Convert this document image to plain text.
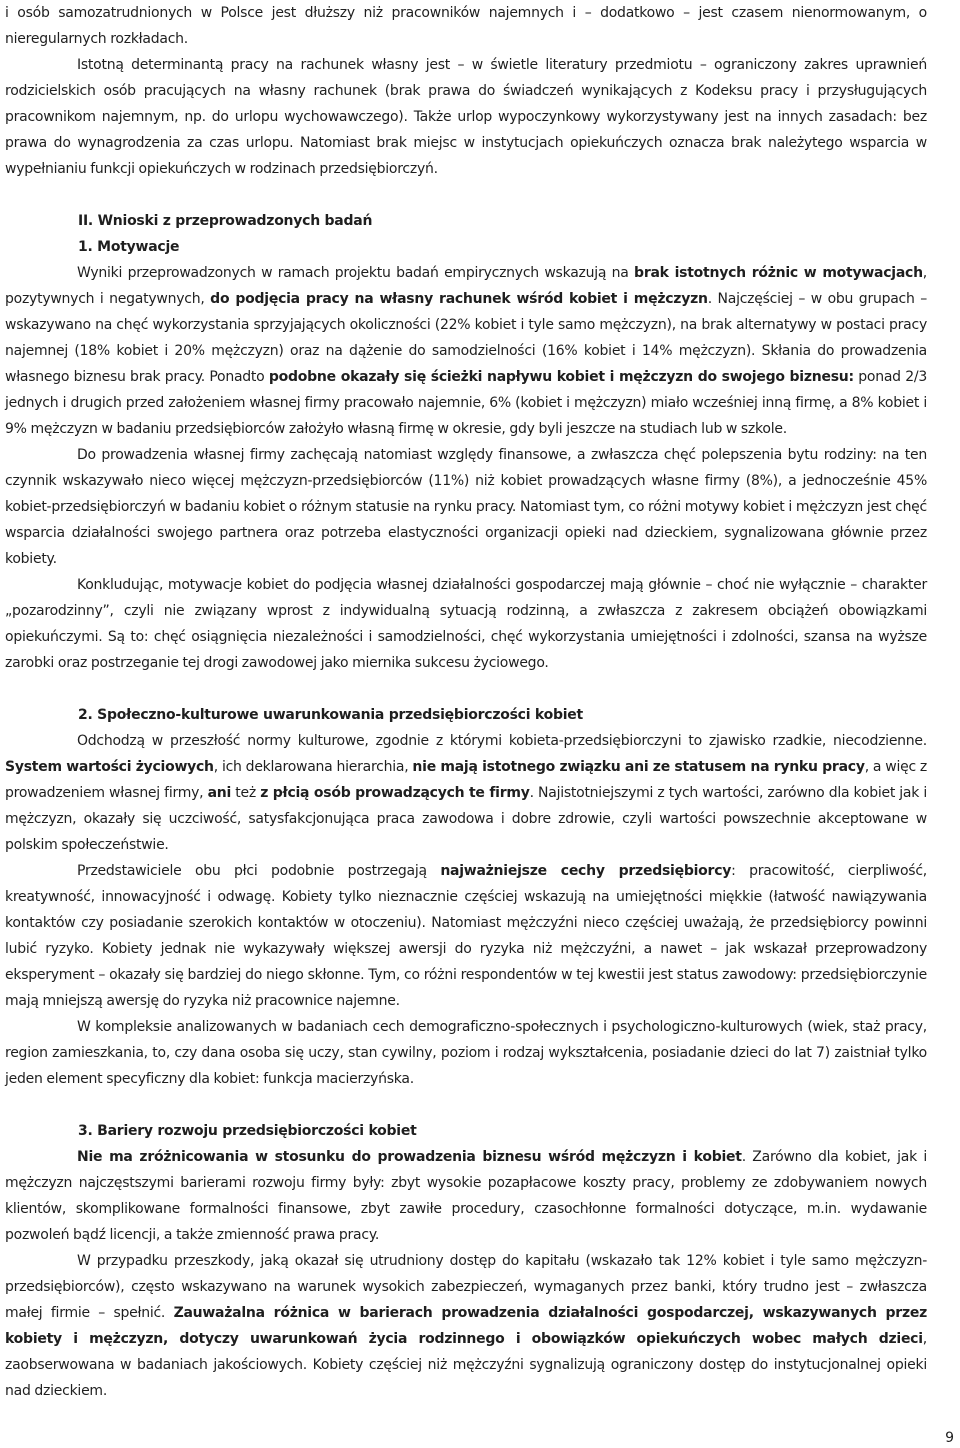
i osób samozatrudnionych w Polsce jest dłuższy niż pracowników najemnych i – dodatkowo – jest czasem nienormowanym, o nieregularnych rozkładach.

Istotną determinantą pracy na rachunek własny jest – w świetle literatury przedmiotu – ograniczony zakres uprawnień rodzicielskich osób pracujących na własny rachunek (brak prawa do świadczeń wynikających z Kodeksu pracy i przysługujących pracownikom najemnym, np. do urlopu wychowawczego). Także urlop wypoczynkowy wykorzystywany jest na innych zasadach: bez prawa do wynagrodzenia za czas urlopu. Natomiast brak miejsc w instytucjach opiekuńczych oznacza brak należytego wsparcia w wypełnianiu funkcji opiekuńczych w rodzinach przedsiębiorczyń.

II. Wnioski z przeprowadzonych badań

1. Motywacje

Wyniki przeprowadzonych w ramach projektu badań empirycznych wskazują na brak istotnych różnic w motywacjach, pozytywnych i negatywnych, do podjęcia pracy na własny rachunek wśród kobiet i mężczyzn. Najczęściej – w obu grupach – wskazywano na chęć wykorzystania sprzyjających okoliczności (22% kobiet i tyle samo mężczyzn), na brak alternatywy w postaci pracy najemnej (18% kobiet i 20% mężczyzn) oraz na dążenie do samodzielności (16% kobiet i 14% mężczyzn). Skłania do prowadzenia własnego biznesu brak pracy. Ponadto podobne okazały się ścieżki napływu kobiet i mężczyzn do swojego biznesu: ponad 2/3 jednych i drugich przed założeniem własnej firmy pracowało najemnie, 6% (kobiet i mężczyzn) miało wcześniej inną firmę, a 8% kobiet i 9% mężczyzn w badaniu przedsiębiorców założyło własną firmę w okresie, gdy byli jeszcze na studiach lub w szkole.

Do prowadzenia własnej firmy zachęcają natomiast względy finansowe, a zwłaszcza chęć polepszenia bytu rodziny: na ten czynnik wskazywało nieco więcej mężczyzn-przedsiębiorców (11%) niż kobiet prowadzących własne firmy (8%), a jednocześnie 45% kobiet-przedsiębiorczyń w badaniu kobiet o różnym statusie na rynku pracy. Natomiast tym, co różni motywy kobiet i mężczyzn jest chęć wsparcia działalności swojego partnera oraz potrzeba elastyczności organizacji opieki nad dzieckiem, sygnalizowana głównie przez kobiety.

Konkludując, motywacje kobiet do podjęcia własnej działalności gospodarczej mają głównie – choć nie wyłącznie – charakter „pozarodzinny”, czyli nie związany wprost z indywidualną sytuacją rodzinną, a zwłaszcza z zakresem obciążeń obowiązkami opiekuńczymi. Są to: chęć osiągnięcia niezależności i samodzielności, chęć wykorzystania umiejętności i zdolności, szansa na wyższe zarobki oraz postrzeganie tej drogi zawodowej jako miernika sukcesu życiowego.

2. Społeczno-kulturowe uwarunkowania przedsiębiorczości kobiet

Odchodzą w przeszłość normy kulturowe, zgodnie z którymi kobieta-przedsiębiorczyni to zjawisko rzadkie, niecodzienne. System wartości życiowych, ich deklarowana hierarchia, nie mają istotnego związku ani ze statusem na rynku pracy, a więc z prowadzeniem własnej firmy, ani też z płcią osób prowadzących te firmy. Najistotniejszymi z tych wartości, zarówno dla kobiet jak i mężczyzn, okazały się uczciwość, satysfakcjonująca praca zawodowa i dobre zdrowie, czyli wartości powszechnie akceptowane w polskim społeczeństwie.

Przedstawiciele obu płci podobnie postrzegają najważniejsze cechy przedsiębiorcy: pracowitość, cierpliwość, kreatywność, innowacyjność i odwagę. Kobiety tylko nieznacznie częściej wskazują na umiejętności miękkie (łatwość nawiązywania kontaktów czy posiadanie szerokich kontaktów w otoczeniu). Natomiast mężczyźni nieco częściej uważają, że przedsiębiorcy powinni lubić ryzyko. Kobiety jednak nie wykazywały większej awersji do ryzyka niż mężczyźni, a nawet – jak wskazał przeprowadzony eksperyment – okazały się bardziej do niego skłonne. Tym, co różni respondentów w tej kwestii jest status zawodowy: przedsiębiorczynie mają mniejszą awersję do ryzyka niż pracownice najemne.

W kompleksie analizowanych w badaniach cech demograficzno-społecznych i psychologiczno-kulturowych (wiek, staż pracy, region zamieszkania, to, czy dana osoba się uczy, stan cywilny, poziom i rodzaj wykształcenia, posiadanie dzieci do lat 7) zaistniał tylko jeden element specyficzny dla kobiet: funkcja macierzyńska.

3. Bariery rozwoju przedsiębiorczości kobiet

Nie ma zróżnicowania w stosunku do prowadzenia biznesu wśród mężczyzn i kobiet. Zarówno dla kobiet, jak i mężczyzn najczęstszymi barierami rozwoju firmy były: zbyt wysokie pozapłacowe koszty pracy, problemy ze zdobywaniem nowych klientów, skomplikowane formalności finansowe, zbyt zawiłe procedury, czasochłonne formalności dotyczące, m.in. wydawanie pozwoleń bądź licencji, a także zmienność prawa pracy.

W przypadku przeszkody, jaką okazał się utrudniony dostęp do kapitału (wskazało tak 12% kobiet i tyle samo mężczyzn-przedsiębiorców), często wskazywano na warunek wysokich zabezpieczeń, wymaganych przez banki, który trudno jest – zwłaszcza małej firmie – spełnić. Zauważalna różnica w barierach prowadzenia działalności gospodarczej, wskazywanych przez kobiety i mężczyzn, dotyczy uwarunkowań życia rodzinnego i obowiązków opiekuńczych wobec małych dzieci, zaobserwowana w badaniach jakościowych. Kobiety częściej niż mężczyźni sygnalizują ograniczony dostęp do instytucjonalnej opieki nad dzieckiem.

9
